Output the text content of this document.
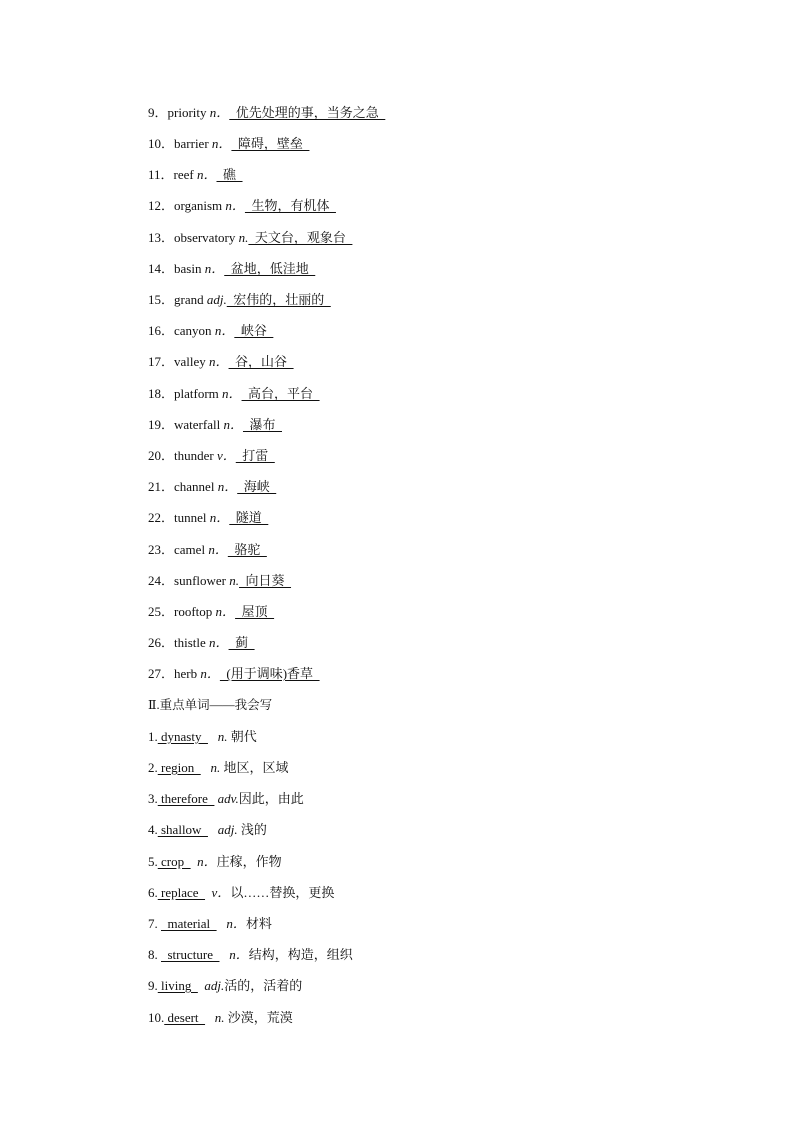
9．priority n．  优先处理的事，当务之急
10．barrier n．  障碍，壁垒
11．reef n．  礁
12．organism n．  生物，有机体
13．observatory n.  天文台，观象台
14．basin n．  盆地，低洼地
15．grand adj.  宏伟的，壮丽的
16．canyon n．  峡谷
17．valley n．  谷，山谷
18．platform n．  高台，平台
19．waterfall n．  瀑布
20．thunder v．  打雷
21．channel n．  海峡
22．tunnel n．  隧道
23．camel n．  骆驼
24．sunflower n.  向日葵
25．rooftop n．  屋顶
26．thistle n．  蓟
27．herb n．  (用于调味)香草
Ⅱ.重点单词——我会写
1. dynasty     n. 朝代
2. region     n. 地区，区域
3. therefore   adv.因此，由此
4. shallow     adj. 浅的
5. crop    n．庄稼，作物
6. replace    v．以……替换，更换
7.   material     n．材料
8.   structure     n．结构，构造，组织
9. living    adj.活的，活着的
10. desert     n. 沙漠，荒漠
